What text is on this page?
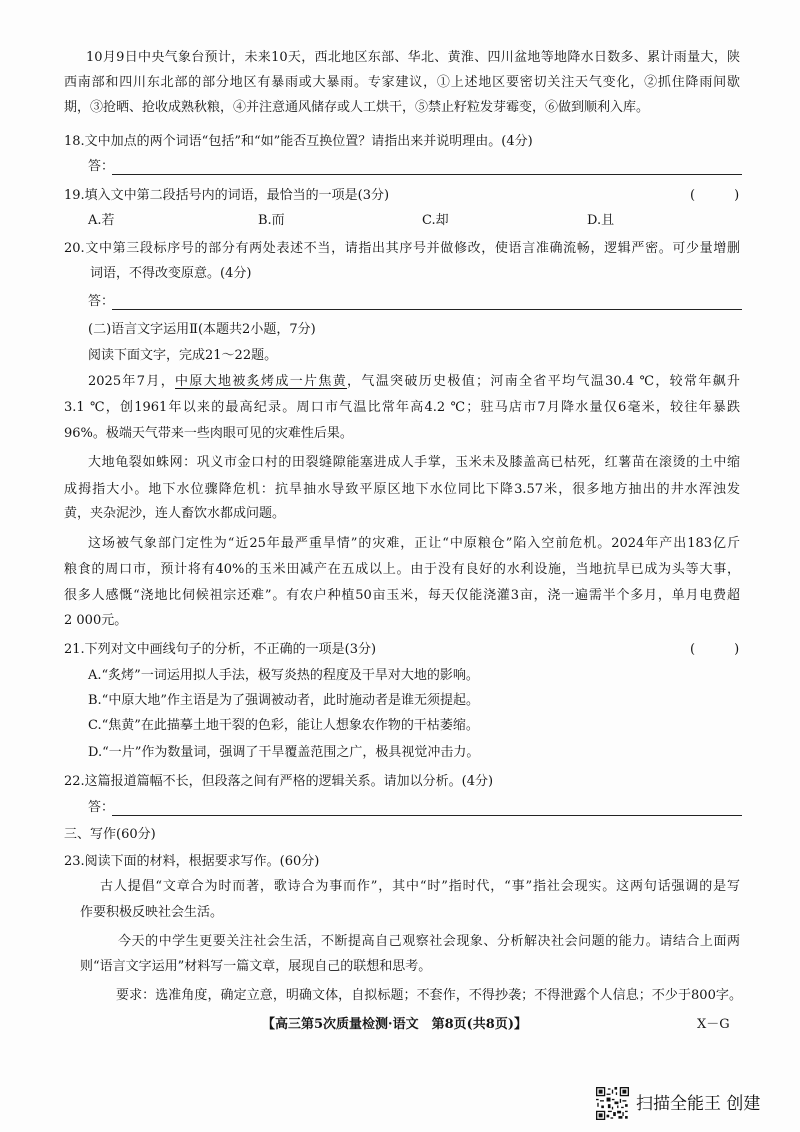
10月9日中央气象台预计，未来10天，西北地区东部、华北、黄淮、四川盆地等地降水日数多、累计雨量大，陕
西南部和四川东北部的部分地区有暴雨或大暴雨。专家建议，①上述地区要密切关注天气变化，②抓住降雨间歇
期，③抢晒、抢收成熟秋粮，④并注意通风储存或人工烘干，⑤禁止籽粒发芽霉变，⑥做到顺利入库。
18.文中加点的两个词语“包括”和“如”能否互换位置？请指出来并说明理由。(4分)
答：
19.填入文中第二段括号内的词语，最恰当的一项是(3分)	(　　　)
A.若	B.而	C.却	D.且
20.文中第三段标序号的部分有两处表述不当，请指出其序号并做修改，使语言准确流畅，逻辑严密。可少量增删
词语，不得改变原意。(4分)
答：
(二)语言文字运用Ⅱ(本题共2小题，7分)
阅读下面文字，完成21～22题。
2025年7月，中原大地被炙烤成一片焦黄，气温突破历史极值；河南全省平均气温30.4 ℃，较常年飙升
3.1 ℃，创1961年以来的最高纪录。周口市气温比常年高4.2 ℃；驻马店市7月降水量仅6毫米，较往年暴跌
96%。极端天气带来一些肉眼可见的灾难性后果。
大地龟裂如蛛网：巩义市金口村的田裂缝隙能塞进成人手掌，玉米未及膝盖高已枯死，红薯苗在滚烫的土中缩
成拇指大小。地下水位骤降危机：抗旱抽水导致平原区地下水位同比下降3.57米，很多地方抽出的井水浑浊发
黄，夹杂泥沙，连人畜饮水都成问题。
这场被气象部门定性为“近25年最严重旱情”的灾难，正让“中原粮仓”陷入空前危机。2024年产出183亿斤
粮食的周口市，预计将有40%的玉米田减产在五成以上。由于没有良好的水利设施，当地抗旱已成为头等大事，
很多人感慨“浇地比伺候祖宗还难”。有农户种植50亩玉米，每天仅能浇灌3亩，浇一遍需半个多月，单月电费超
2 000元。
21.下列对文中画线句子的分析，不正确的一项是(3分)	(　　　)
A.“炙烤”一词运用拟人手法，极写炎热的程度及干旱对大地的影响。
B.“中原大地”作主语是为了强调被动者，此时施动者是谁无须提起。
C.“焦黄”在此描摹土地干裂的色彩，能让人想象农作物的干枯萎缩。
D.“一片”作为数量词，强调了干旱覆盖范围之广，极具视觉冲击力。
22.这篇报道篇幅不长，但段落之间有严格的逻辑关系。请加以分析。(4分)
答：
三、写作(60分)
23.阅读下面的材料，根据要求写作。(60分)
古人提倡“文章合为时而著，歌诗合为事而作”，其中“时”指时代，“事”指社会现实。这两句话强调的是写
作要积极反映社会生活。
今天的中学生更要关注社会生活，不断提高自己观察社会现象、分析解决社会问题的能力。请结合上面两
则“语言文字运用”材料写一篇文章，展现自己的联想和思考。
要求：选准角度，确定立意，明确文体，自拟标题；不套作，不得抄袭；不得泄露个人信息；不少于800字。
【高三第5次质量检测·语文　第8页(共8页)】	X－G
扫描全能王 创建
